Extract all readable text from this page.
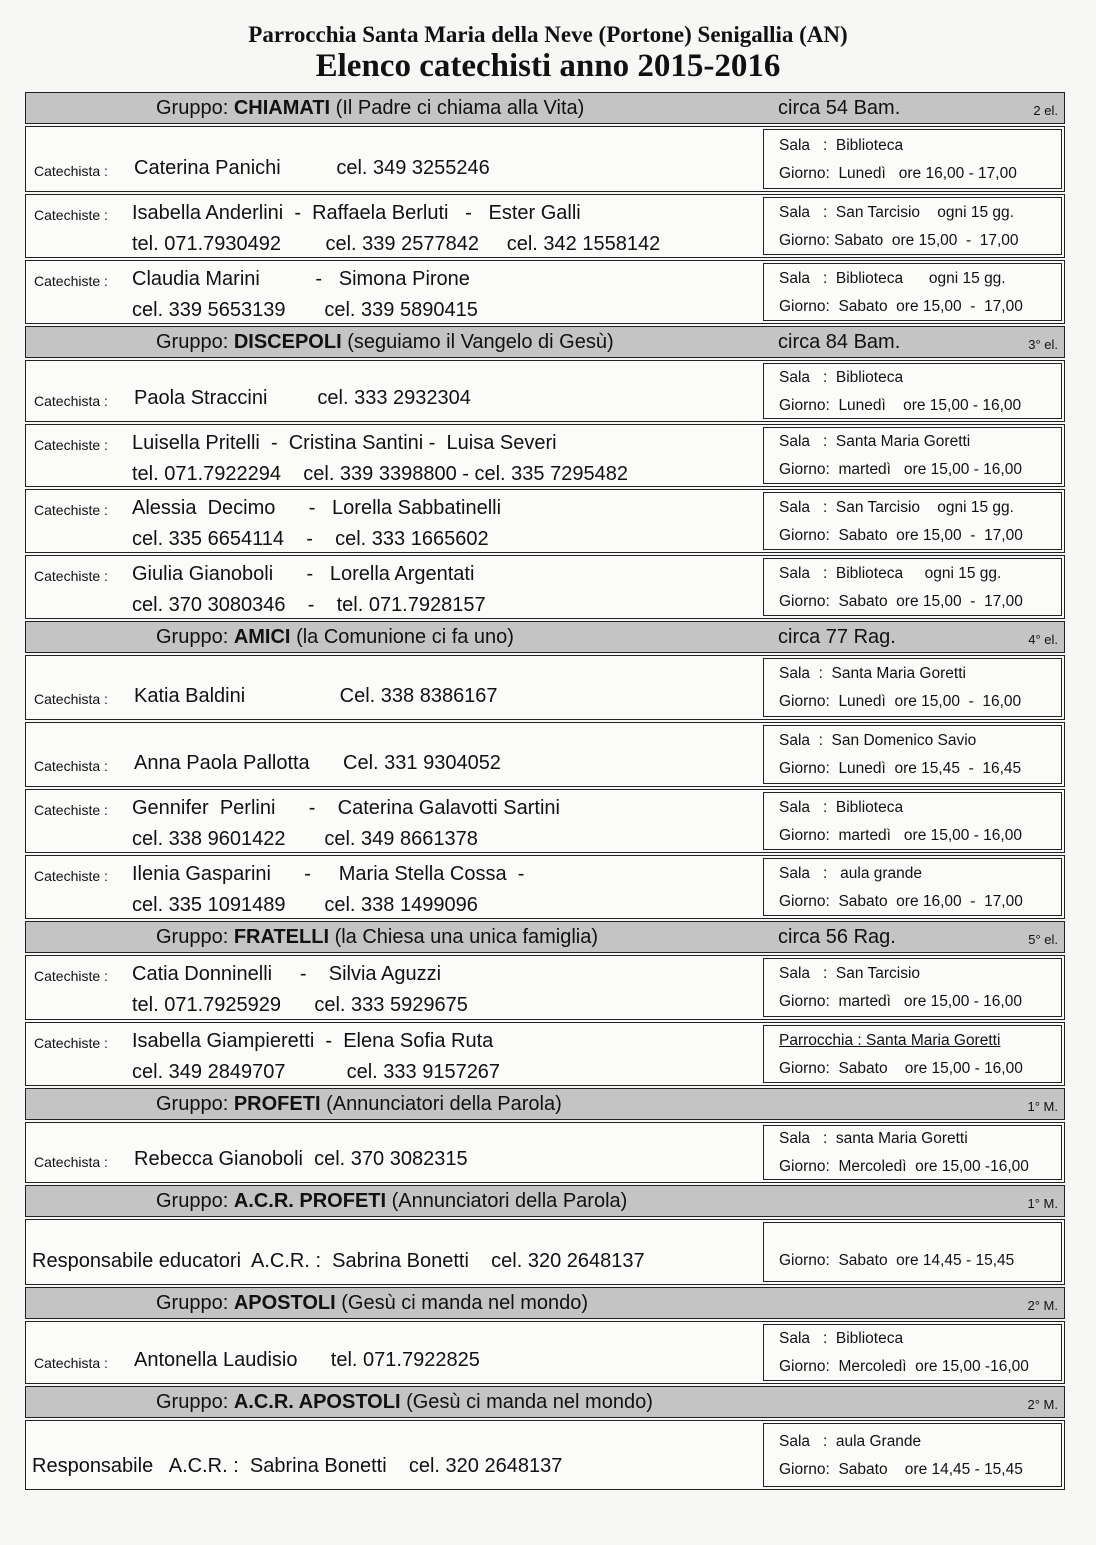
Parrocchia Santa Maria della Neve (Portone) Senigallia (AN)
Elenco catechisti anno 2015-2016
Gruppo: CHIAMATI (Il Padre ci chiama alla Vita)	circa 54 Bam.	2 el.
Catechista : Caterina Panichi          cel. 349 3255246
Sala   :  Biblioteca
Giorno:  Lunedì   ore 16,00 - 17,00
Catechiste : Isabella Anderlini  -  Raffaela Berluti   -   Ester Galli
tel. 071.7930492        cel. 339 2577842     cel. 342 1558142
Sala   :  San Tarcisio    ogni 15 gg.
Giorno: Sabato  ore 15,00  -  17,00
Catechiste : Claudia Marini          -   Simona Pirone
cel. 339 5653139       cel. 339 5890415
Sala   :  Biblioteca      ogni 15 gg.
Giorno:  Sabato  ore 15,00  -  17,00
Gruppo: DISCEPOLI (seguiamo il Vangelo di Gesù)	circa 84 Bam.	3° el.
Catechista : Paola Straccini         cel. 333 2932304
Sala   :  Biblioteca
Giorno:  Lunedì    ore 15,00 - 16,00
Catechiste : Luisella Pritelli  -  Cristina Santini -  Luisa Severi
tel. 071.7922294    cel. 339 3398800 - cel. 335 7295482
Sala   :  Santa Maria Goretti
Giorno:  martedì   ore 15,00 - 16,00
Catechiste : Alessia  Decimo      -   Lorella Sabbatinelli
cel. 335 6654114    -    cel. 333 1665602
Sala   :  San Tarcisio    ogni 15 gg.
Giorno:  Sabato  ore 15,00  -  17,00
Catechiste : Giulia Gianoboli      -   Lorella Argentati
cel. 370 3080346    -    tel. 071.7928157
Sala   :  Biblioteca     ogni 15 gg.
Giorno:  Sabato  ore 15,00  -  17,00
Gruppo: AMICI (la Comunione ci fa uno)	circa 77 Rag.	4° el.
Catechista : Katia Baldini                 Cel. 338 8386167
Sala  :  Santa Maria Goretti
Giorno:  Lunedì  ore 15,00  -  16,00
Catechista : Anna Paola Pallotta      Cel. 331 9304052
Sala  :  San Domenico Savio
Giorno:  Lunedì  ore 15,45  -  16,45
Catechiste : Gennifer  Perlini      -    Caterina Galavotti Sartini
cel. 338 9601422       cel. 349 8661378
Sala   :  Biblioteca
Giorno:  martedì   ore 15,00 - 16,00
Catechiste : Ilenia Gasparini      -     Maria Stella Cossa  -
cel. 335 1091489       cel. 338 1499096
Sala   :   aula grande
Giorno:  Sabato  ore 16,00  -  17,00
Gruppo: FRATELLI (la Chiesa una unica famiglia)	circa 56 Rag.	5° el.
Catechiste : Catia Donninelli     -    Silvia Aguzzi
tel. 071.7925929      cel. 333 5929675
Sala   :  San Tarcisio
Giorno:  martedì   ore 15,00 - 16,00
Catechiste : Isabella Giampieretti  -  Elena Sofia Ruta
cel. 349 2849707           cel. 333 9157267
Parrocchia : Santa Maria Goretti
Giorno:  Sabato    ore 15,00 - 16,00
Gruppo: PROFETI (Annunciatori della Parola)	1° M.
Catechista : Rebecca Gianoboli  cel. 370 3082315
Sala   :  santa Maria Goretti
Giorno:  Mercoledì  ore 15,00 -16,00
Gruppo: A.C.R. PROFETI (Annunciatori della Parola)	1° M.
Responsabile educatori  A.C.R. :  Sabrina Bonetti    cel. 320 2648137	Giorno:  Sabato  ore 14,45 - 15,45
Gruppo: APOSTOLI (Gesù ci manda nel mondo)	2° M.
Catechista : Antonella Laudisio      tel. 071.7922825
Sala   :  Biblioteca
Giorno:  Mercoledì  ore 15,00 -16,00
Gruppo: A.C.R. APOSTOLI (Gesù ci manda nel mondo)	2° M.
Responsabile   A.C.R. :  Sabrina Bonetti    cel. 320 2648137
Sala   :  aula Grande
Giorno:  Sabato    ore 14,45 - 15,45
